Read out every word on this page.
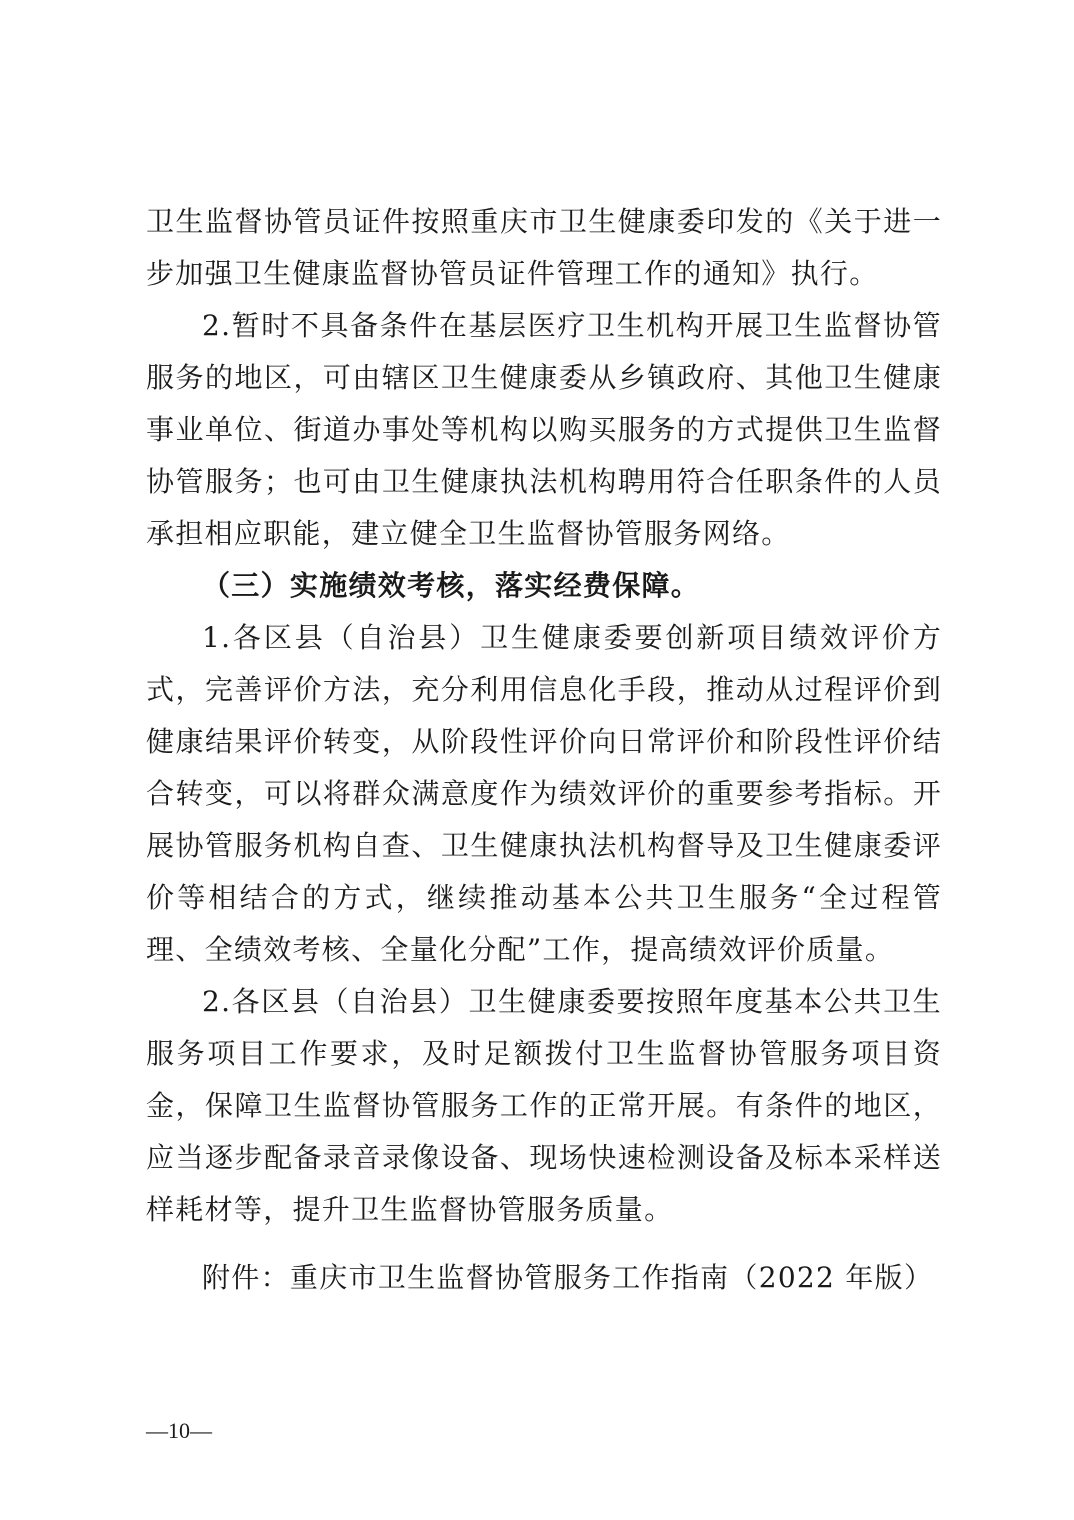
卫生监督协管员证件按照重庆市卫生健康委印发的《关于进一步加强卫生健康监督协管员证件管理工作的通知》执行。

2.暂时不具备条件在基层医疗卫生机构开展卫生监督协管服务的地区，可由辖区卫生健康委从乡镇政府、其他卫生健康事业单位、街道办事处等机构以购买服务的方式提供卫生监督协管服务；也可由卫生健康执法机构聘用符合任职条件的人员承担相应职能，建立健全卫生监督协管服务网络。

（三）实施绩效考核，落实经费保障。

1.各区县（自治县）卫生健康委要创新项目绩效评价方式，完善评价方法，充分利用信息化手段，推动从过程评价到健康结果评价转变，从阶段性评价向日常评价和阶段性评价结合转变，可以将群众满意度作为绩效评价的重要参考指标。开展协管服务机构自查、卫生健康执法机构督导及卫生健康委评价等相结合的方式，继续推动基本公共卫生服务“全过程管理、全绩效考核、全量化分配”工作，提高绩效评价质量。

2.各区县（自治县）卫生健康委要按照年度基本公共卫生服务项目工作要求，及时足额拨付卫生监督协管服务项目资金，保障卫生监督协管服务工作的正常开展。有条件的地区，应当逐步配备录音录像设备、现场快速检测设备及标本采样送样耗材等，提升卫生监督协管服务质量。

附件：重庆市卫生监督协管服务工作指南（2022 年版）

—10—
